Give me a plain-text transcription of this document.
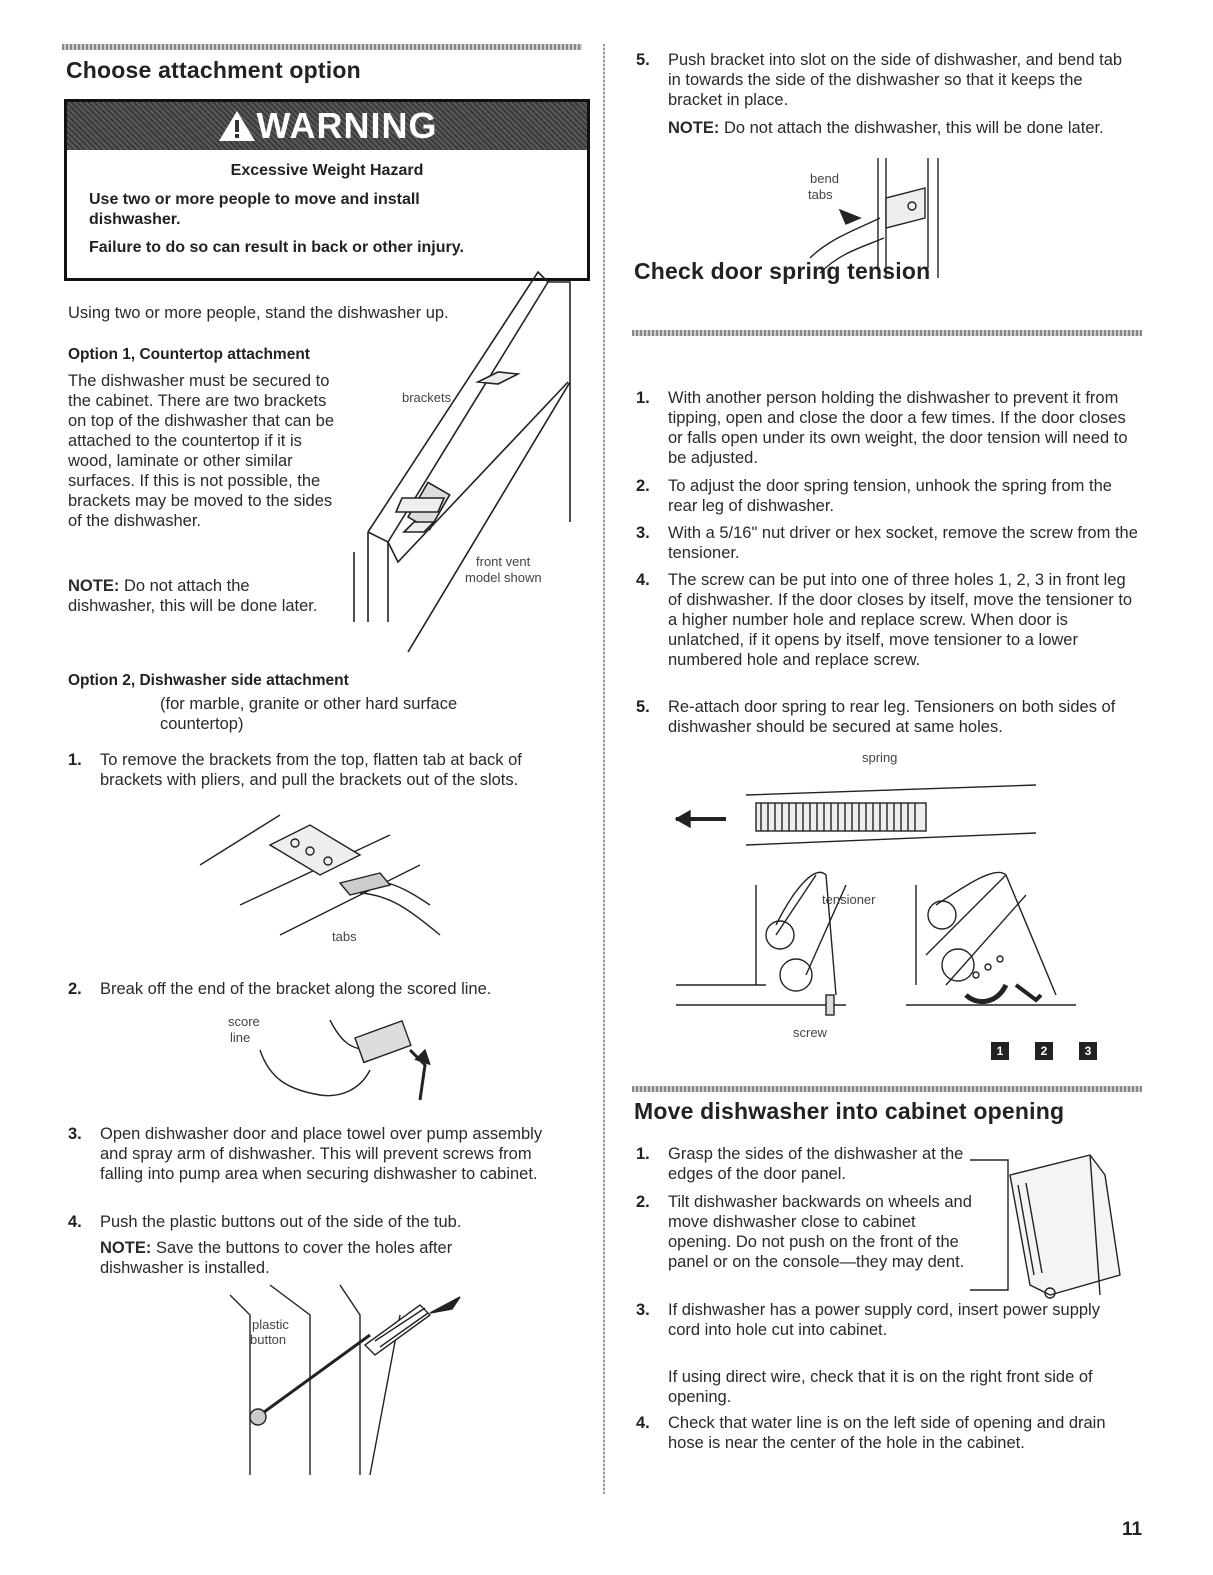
Choose attachment option
WARNING
Excessive Weight Hazard
Use two or more people to move and install dishwasher.
Failure to do so can result in back or other injury.
Using two or more people, stand the dishwasher up.
Option 1, Countertop attachment
The dishwasher must be secured to the cabinet. There are two brackets on top of the dishwasher that can be attached to the countertop if it is wood, laminate or other similar surfaces. If this is not possible, the brackets may be moved to the sides of the dishwasher.
NOTE: Do not attach the dishwasher, this will be done later.
brackets
front vent
model shown
Option 2, Dishwasher side attachment
(for marble, granite or other hard surface countertop)
1.	To remove the brackets from the top, flatten tab at back of brackets with pliers, and pull the brackets out of the slots.
tabs
2.	Break off the end of the bracket along the scored line.
score
line
3.	Open dishwasher door and place towel over pump assembly and spray arm of dishwasher. This will prevent screws from falling into pump area when securing dishwasher to cabinet.
4.	Push the plastic buttons out of the side of the tub.
NOTE: Save the buttons to cover the holes after dishwasher is installed.
plastic
button
5.	Push bracket into slot on the side of dishwasher, and bend tab in towards the side of the dishwasher so that it keeps the bracket in place.
NOTE: Do not attach the dishwasher, this will be done later.
bend
tabs
Check door spring tension
1.	With another person holding the dishwasher to prevent it from tipping, open and close the door a few times. If the door closes or falls open under its own weight, the door tension will need to be adjusted.
2.	To adjust the door spring tension, unhook the spring from the rear leg of dishwasher.
3.	With a 5/16" nut driver or hex socket, remove the screw from the tensioner.
4.	The screw can be put into one of three holes 1, 2, 3 in front leg of dishwasher. If the door closes by itself, move the tensioner to a higher number hole and replace screw. When door is unlatched, if it opens by itself, move tensioner to a lower numbered hole and replace screw.
5.	Re-attach door spring to rear leg. Tensioners on both sides of dishwasher should be secured at same holes.
spring
tensioner
screw
1	2	3
Move dishwasher into cabinet opening
1.	Grasp the sides of the dishwasher at the edges of the door panel.
2.	Tilt dishwasher backwards on wheels and move dishwasher close to cabinet opening. Do not push on the front of the panel or on the console—they may dent.
3.	If dishwasher has a power supply cord, insert power supply cord into hole cut into cabinet.
If using direct wire, check that it is on the right front side of opening.
4.	Check that water line is on the left side of opening and drain hose is near the center of the hole in the cabinet.
11
